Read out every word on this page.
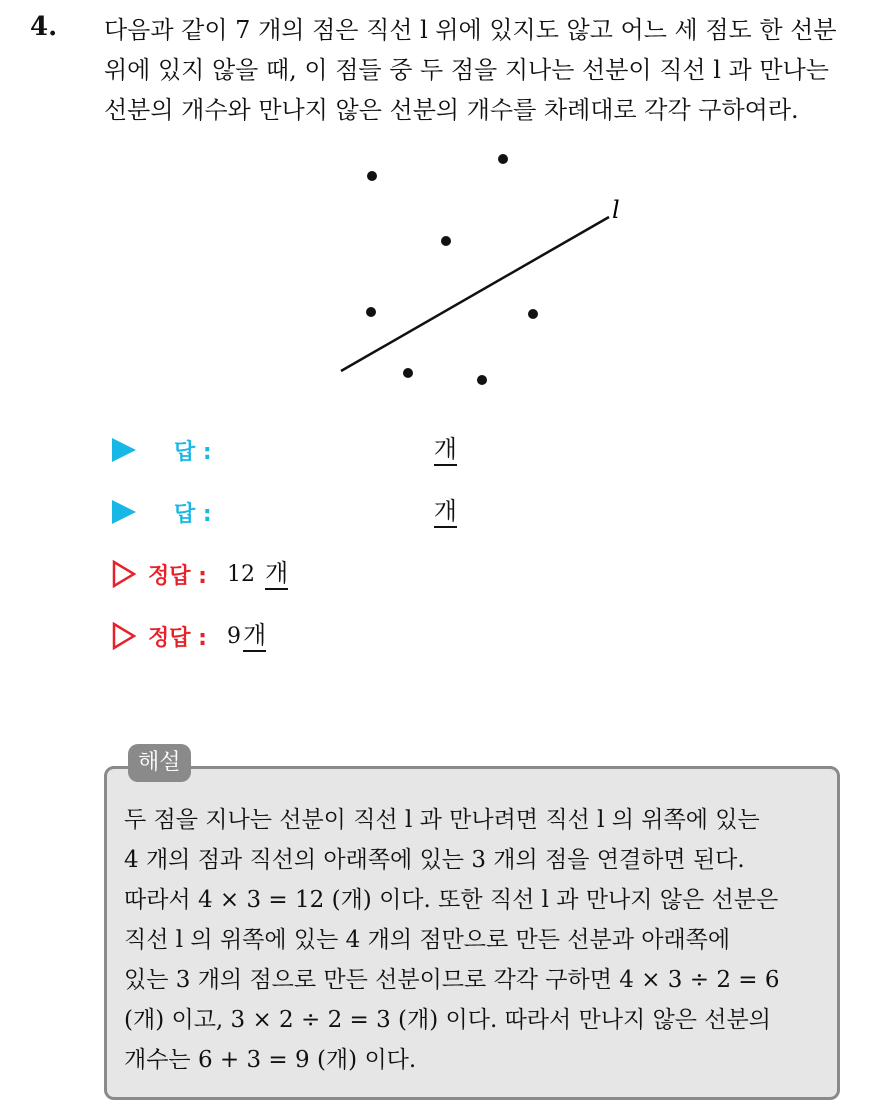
4. 다음과 같이 7 개의 점은 직선 l 위에 있지도 않고 어느 세 점도 한 선분

위에 있지 않을 때, 이 점들 중 두 점을 지나는 선분이 직선 l 과 만나는

선분의 개수와 만나지 않은 선분의 개수를 차례대로 각각 구하여라.

l
답 :	개
답 :	개
정답 : 12 개
정답 : 9 개
해설

두 점을 지나는 선분이 직선 l 과 만나려면 직선 l 의 위쪽에 있는

4 개의 점과 직선의 아래쪽에 있는 3 개의 점을 연결하면 된다.

따라서 4 × 3 = 12 (개) 이다. 또한 직선 l 과 만나지 않은 선분은

직선 l 의 위쪽에 있는 4 개의 점만으로 만든 선분과 아래쪽에

있는 3 개의 점으로 만든 선분이므로 각각 구하면 4 × 3 ÷ 2 = 6

(개) 이고, 3 × 2 ÷ 2 = 3 (개) 이다. 따라서 만나지 않은 선분의

개수는 6 + 3 = 9 (개) 이다.
